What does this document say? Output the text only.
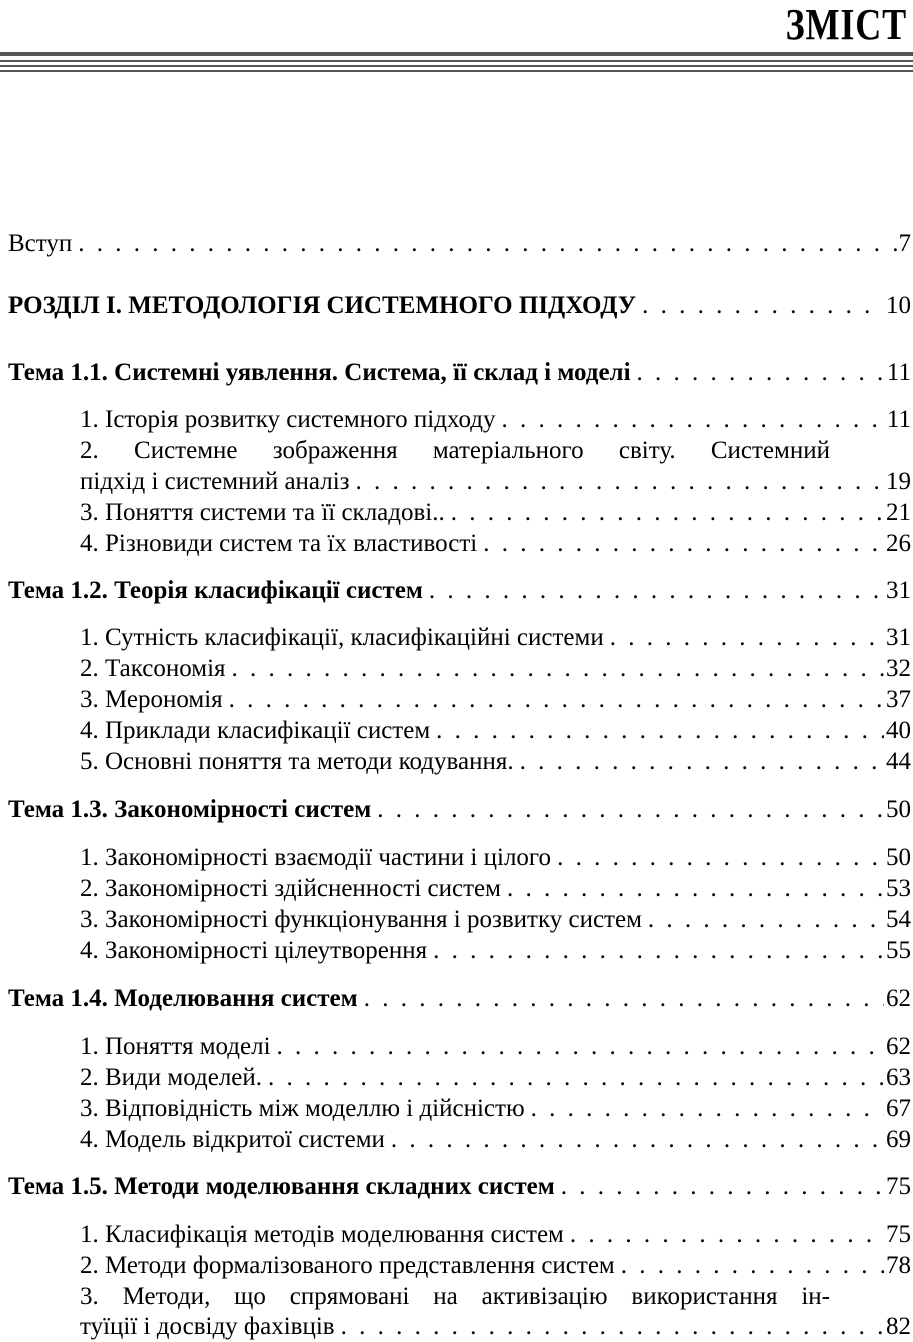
ЗМІСТ
Вступ . . .	7
РОЗДІЛ І. МЕТОДОЛОГІЯ СИСТЕМНОГО ПІДХОДУ . . .	10
Тема 1.1. Системні уявлення. Система, її склад і моделі . . .	11
1. Історія розвитку системного підходу . . .	11
2. Системне зображення матеріального світу. Системний
підхід і системний аналіз . . .	19
3. Поняття системи та її складові.. . . .	21
4. Різновиди систем та їх властивості . . .	26
Тема 1.2. Теорія класифікації систем . . .	31
1. Сутність класифікації, класифікаційні системи . . .	31
2. Таксономія . . .	32
3. Мерономія . . .	37
4. Приклади класифікації систем . . .	40
5. Основні поняття та методи кодування. . . .	44
Тема 1.3. Закономірності систем . . .	50
1. Закономірності взаємодії частини і цілого . . .	50
2. Закономірності здійсненності систем . . .	53
3. Закономірності функціонування і розвитку систем . . .	54
4. Закономірності цілеутворення . . .	55
Тема 1.4. Моделювання систем . . .	62
1. Поняття моделі . . .	62
2. Види моделей. . . .	63
3. Відповідність між моделлю і дійсністю . . .	67
4. Модель відкритої системи . . .	69
Тема 1.5. Методи моделювання складних систем . . .	75
1. Класифікація методів моделювання систем . . .	75
2. Методи формалізованого представлення систем . . .	78
3. Методи, що спрямовані на активізацію використання ін-
туїції і досвіду фахівців . . .	82
